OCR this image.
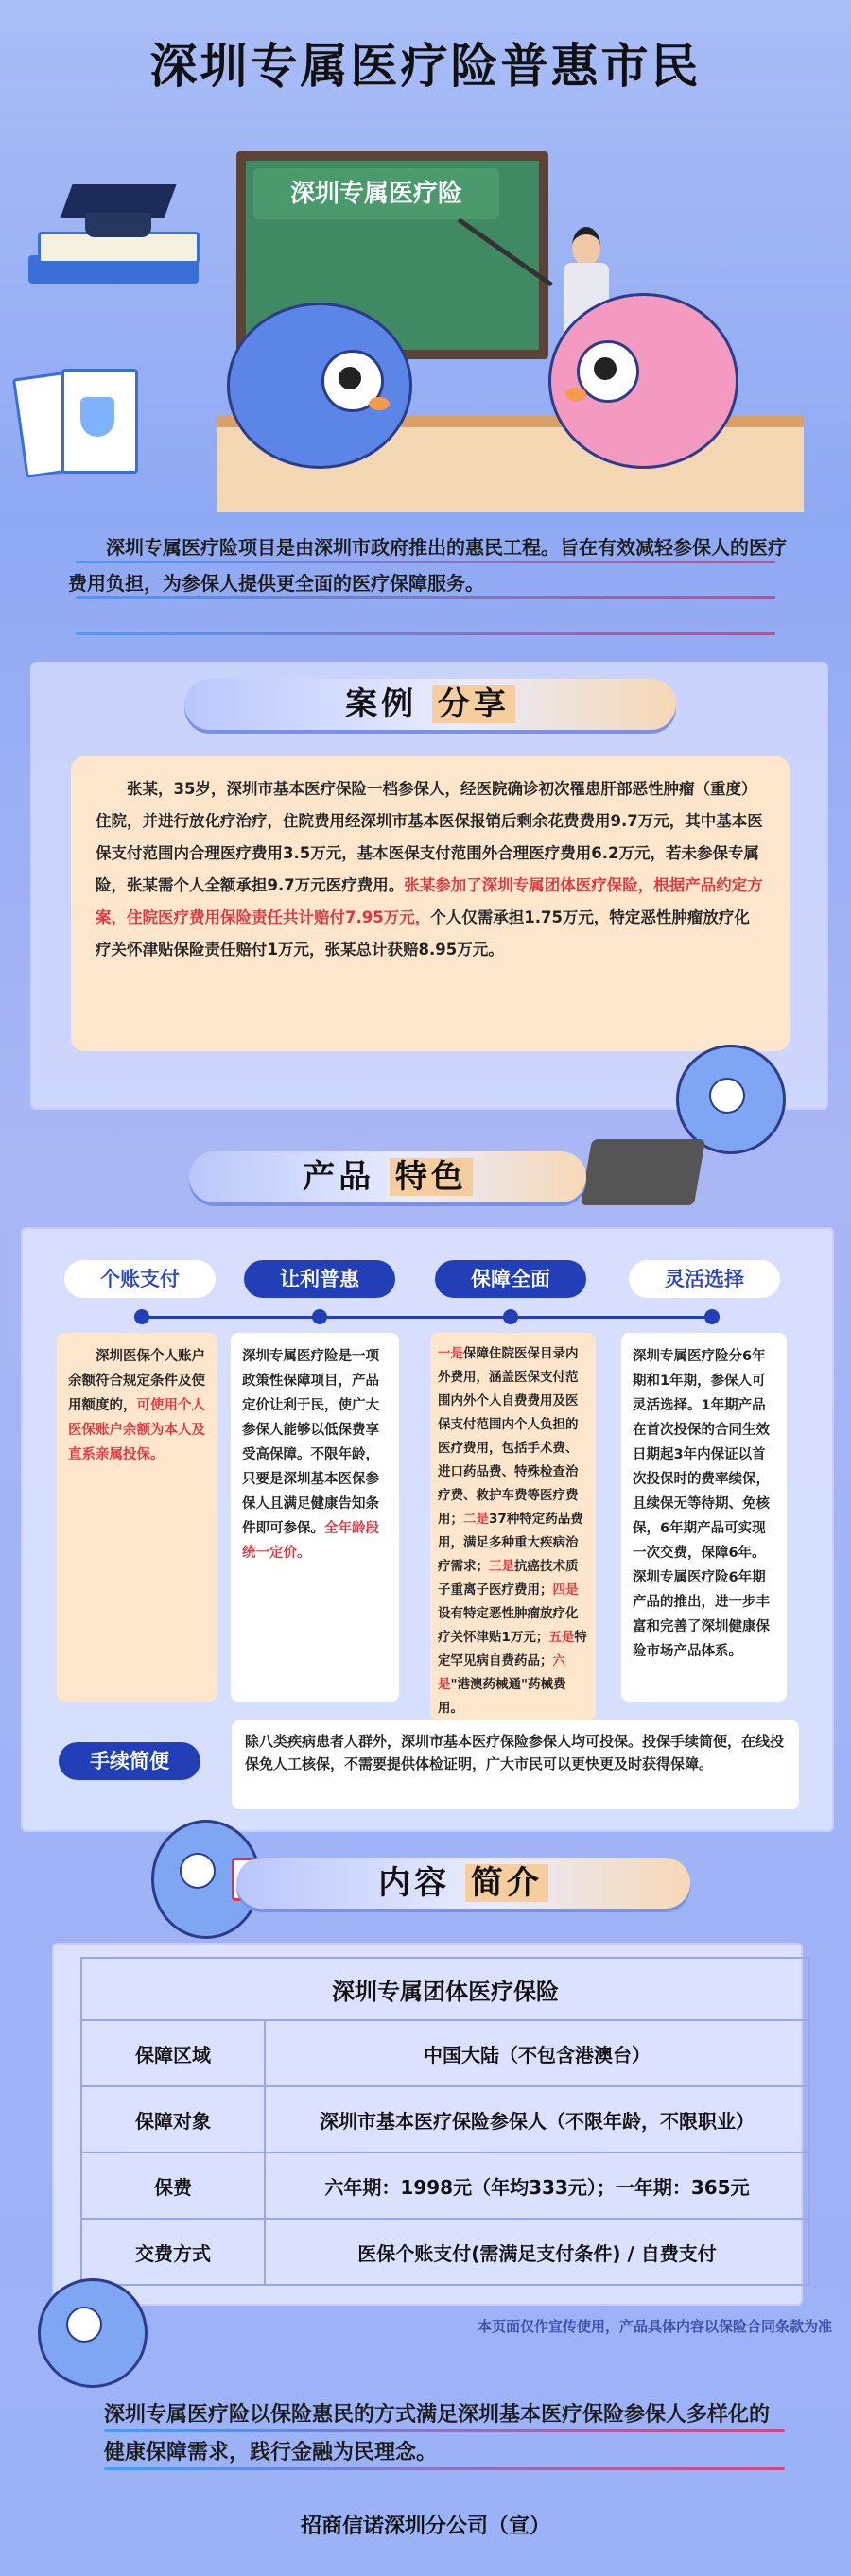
深圳专属医疗险普惠市民
深圳专属医疗险
深圳专属医疗险项目是由深圳市政府推出的惠民工程。旨在有效减轻参保人的医疗费用负担，为参保人提供更全面的医疗保障服务。
案例 分享
张某，35岁，深圳市基本医疗保险一档参保人，经医院确诊初次罹患肝部恶性肿瘤（重度）住院，并进行放化疗治疗，住院费用经深圳市基本医保报销后剩余花费费用9.7万元，其中基本医保支付范围内合理医疗费用3.5万元，基本医保支付范围外合理医疗费用6.2万元，若未参保专属险，张某需个人全额承担9.7万元医疗费用。张某参加了深圳专属团体医疗保险，根据产品约定方案，住院医疗费用保险责任共计赔付7.95万元，个人仅需承担1.75万元，特定恶性肿瘤放疗化疗关怀津贴保险责任赔付1万元，张某总计获赔8.95万元。
产品 特色
个账支付	让利普惠	保障全面	灵活选择
深圳医保个人账户余额符合规定条件及使用额度的，可使用个人医保账户余额为本人及直系亲属投保。
深圳专属医疗险是一项政策性保障项目，产品定价让利于民，使广大参保人能够以低保费享受高保障。不限年龄，只要是深圳基本医保参保人且满足健康告知条件即可参保。全年龄段统一定价。
一是保障住院医保目录内外费用，涵盖医保支付范围内外个人自费费用及医保支付范围内个人负担的医疗费用，包括手术费、进口药品费、特殊检查治疗费、救护车费等医疗费用；二是37种特定药品费用，满足多种重大疾病治疗需求；三是抗癌技术质子重离子医疗费用；四是设有特定恶性肿瘤放疗化疗关怀津贴1万元；五是特定罕见病自费药品；六是"港澳药械通"药械费用。
深圳专属医疗险分6年期和1年期，参保人可灵活选择。1年期产品在首次投保的合同生效日期起3年内保证以首次投保时的费率续保，且续保无等待期、免核保，6年期产品可实现一次交费，保障6年。深圳专属医疗险6年期产品的推出，进一步丰富和完善了深圳健康保险市场产品体系。
手续简便
除八类疾病患者人群外，深圳市基本医疗保险参保人均可投保。投保手续简便，在线投保免人工核保，不需要提供体检证明，广大市民可以更快更及时获得保障。
内容 简介
深圳专属团体医疗保险	
保障区域	中国大陆（不包含港澳台）
保障对象	深圳市基本医疗保险参保人（不限年龄，不限职业）
保费	六年期：1998元（年均333元）；一年期：365元
交费方式	医保个账支付(需满足支付条件) / 自费支付
本页面仅作宣传使用，产品具体内容以保险合同条款为准
深圳专属医疗险以保险惠民的方式满足深圳基本医疗保险参保人多样化的健康保障需求，践行金融为民理念。
招商信诺深圳分公司（宣）
